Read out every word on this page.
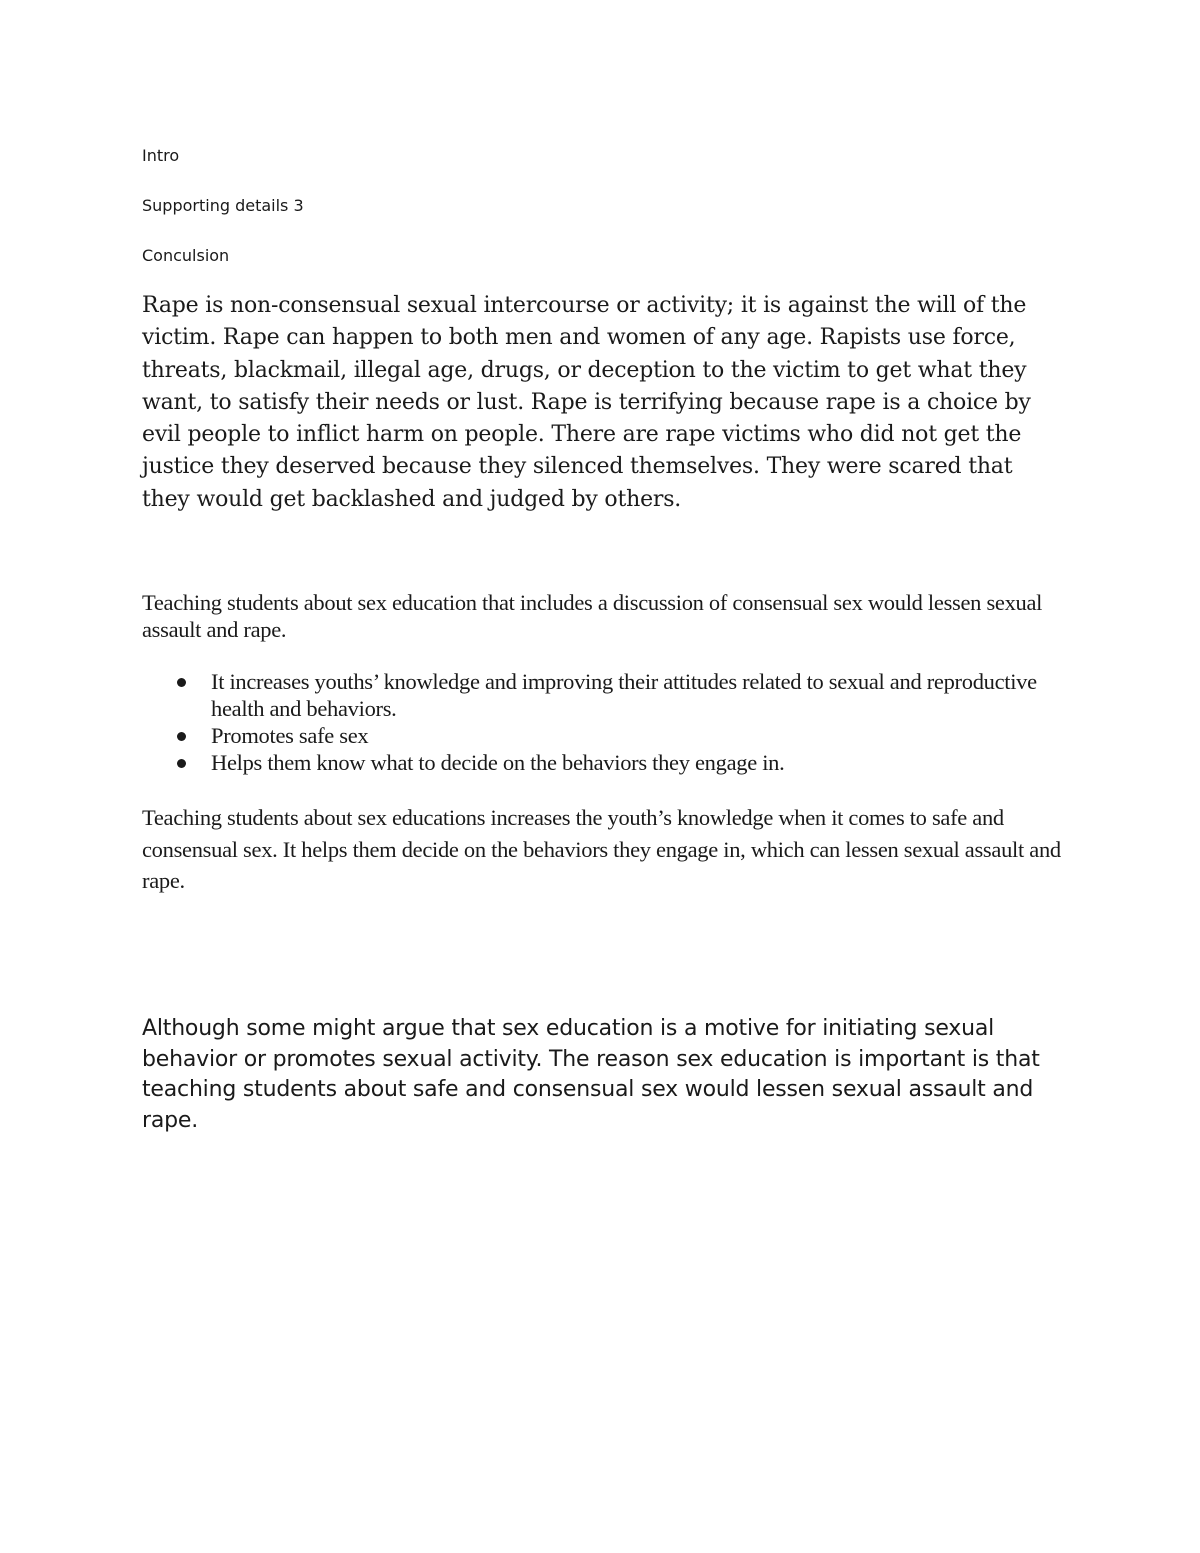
Intro

Supporting details 3

Conculsion

Rape is non-consensual sexual intercourse or activity; it is against the will of the victim. Rape can happen to both men and women of any age. Rapists use force, threats, blackmail, illegal age, drugs, or deception to the victim to get what they want, to satisfy their needs or lust. Rape is terrifying because rape is a choice by evil people to inflict harm on people. There are rape victims who did not get the justice they deserved because they silenced themselves. They were scared that they would get backlashed and judged by others.

Teaching students about sex education that includes a discussion of consensual sex would lessen sexual assault and rape.

It increases youths’ knowledge and improving their attitudes related to sexual and reproductive health and behaviors.
Promotes safe sex
Helps them know what to decide on the behaviors they engage in.

Teaching students about sex educations increases the youth’s knowledge when it comes to safe and consensual sex. It helps them decide on the behaviors they engage in, which can lessen sexual assault and rape.

Although some might argue that sex education is a motive for initiating sexual behavior or promotes sexual activity. The reason sex education is important is that teaching students about safe and consensual sex would lessen sexual assault and rape.
